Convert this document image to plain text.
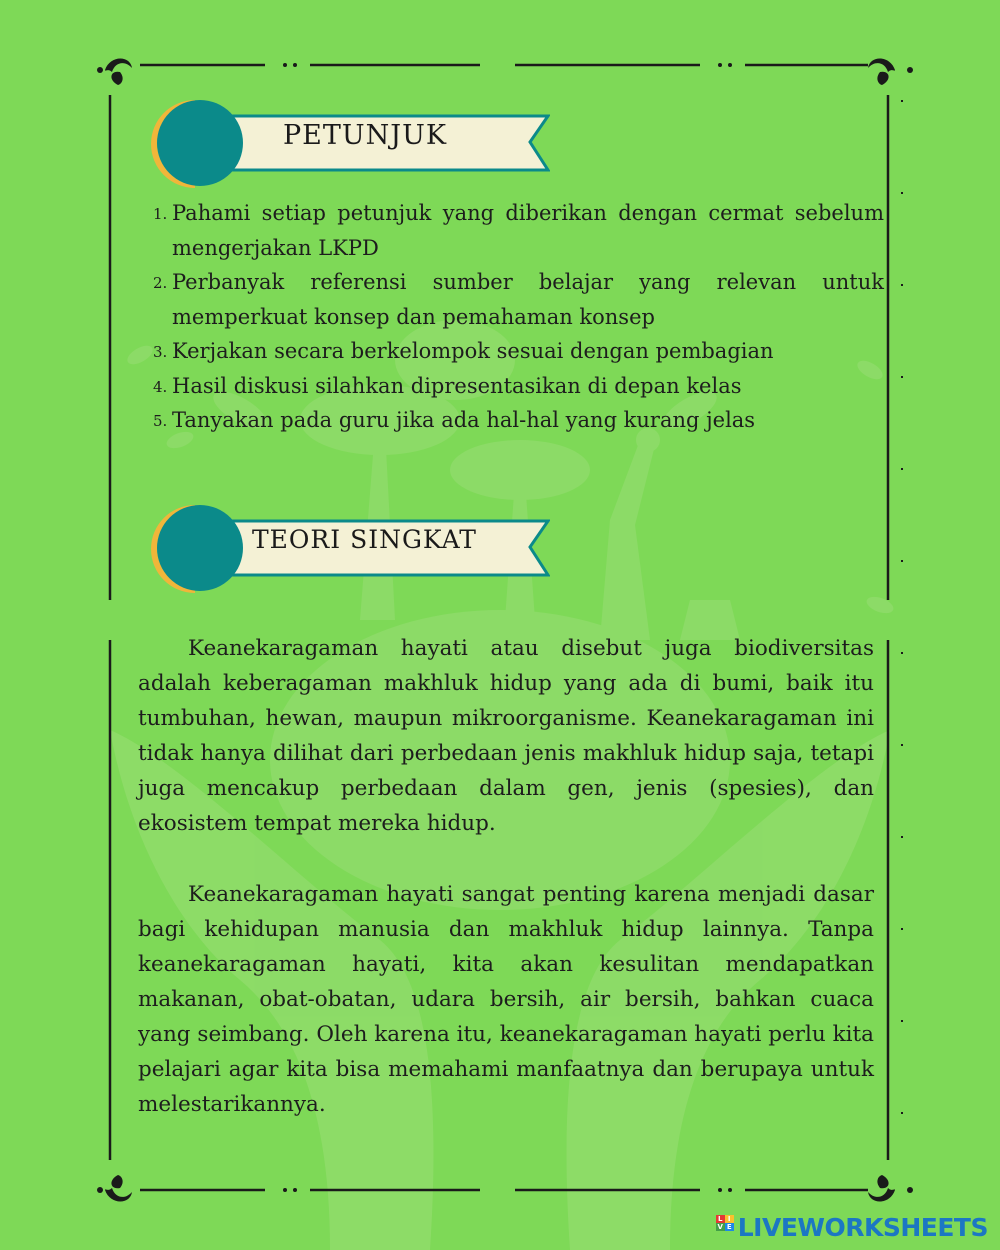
PETUNJUK
1. Pahami setiap petunjuk yang diberikan dengan cermat sebelum mengerjakan LKPD
2. Perbanyak referensi sumber belajar yang relevan untuk memperkuat konsep dan pemahaman konsep
3. Kerjakan secara berkelompok sesuai dengan pembagian
4. Hasil diskusi silahkan dipresentasikan di depan kelas
5. Tanyakan pada guru jika ada hal-hal yang kurang jelas
TEORI SINGKAT

Keanekaragaman hayati atau disebut juga biodiversitas adalah keberagaman makhluk hidup yang ada di bumi, baik itu tumbuhan, hewan, maupun mikroorganisme. Keanekaragaman ini tidak hanya dilihat dari perbedaan jenis makhluk hidup saja, tetapi juga mencakup perbedaan dalam gen, jenis (spesies), dan ekosistem tempat mereka hidup.

Keanekaragaman hayati sangat penting karena menjadi dasar bagi kehidupan manusia dan makhluk hidup lainnya. Tanpa keanekaragaman hayati, kita akan kesulitan mendapatkan makanan, obat-obatan, udara bersih, air bersih, bahkan cuaca yang seimbang. Oleh karena itu, keanekaragaman hayati perlu kita pelajari agar kita bisa memahami manfaatnya dan berupaya untuk melestarikannya.

L I
V E LIVEWORKSHEETS
